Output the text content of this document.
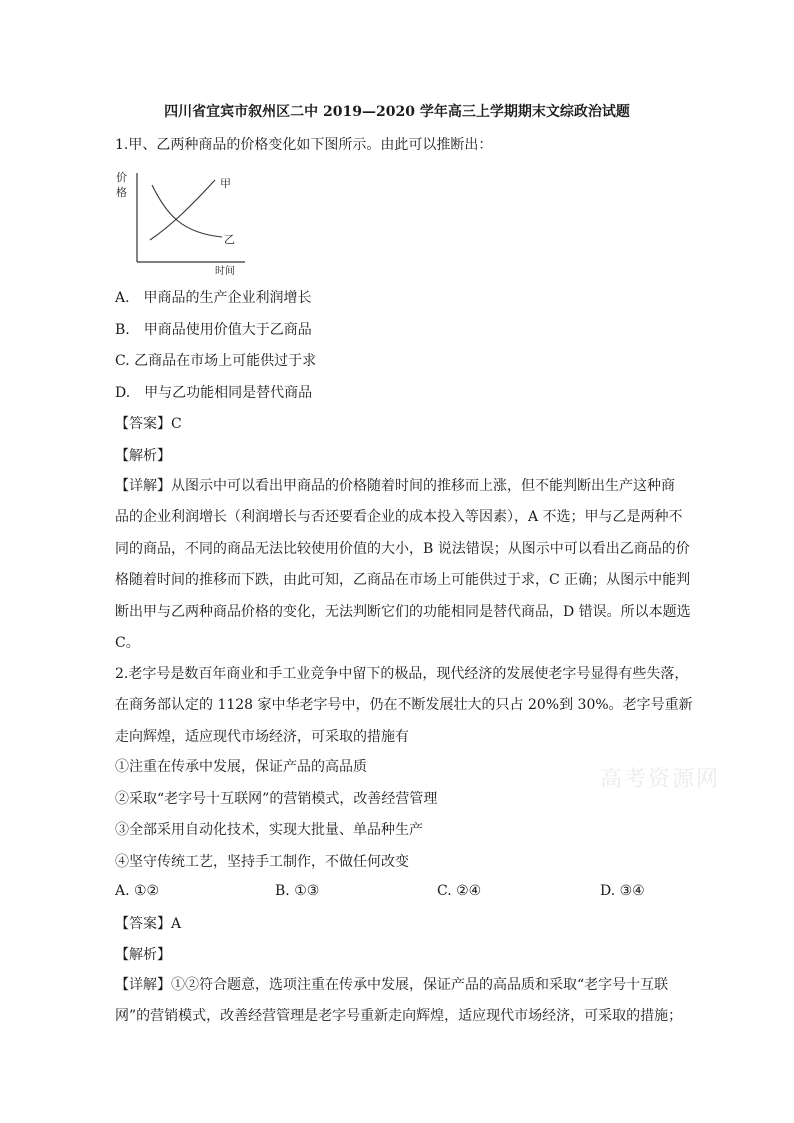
四川省宜宾市叙州区二中 2019—2020 学年高三上学期期末文综政治试题
1.甲、乙两种商品的价格变化如下图所示。由此可以推断出：
价
格
时间
甲
乙
A.　甲商品的生产企业利润增长
B.　甲商品使用价值大于乙商品
C. 乙商品在市场上可能供过于求
D.　甲与乙功能相同是替代商品
【答案】C
【解析】
【详解】从图示中可以看出甲商品的价格随着时间的推移而上涨，但不能判断出生产这种商
品的企业利润增长（利润增长与否还要看企业的成本投入等因素），A 不选；甲与乙是两种不
同的商品，不同的商品无法比较使用价值的大小，B 说法错误；从图示中可以看出乙商品的价
格随着时间的推移而下跌，由此可知，乙商品在市场上可能供过于求，C 正确；从图示中能判
断出甲与乙两种商品价格的变化，无法判断它们的功能相同是替代商品，D 错误。所以本题选
C。
2.老字号是数百年商业和手工业竞争中留下的极品，现代经济的发展使老字号显得有些失落，
在商务部认定的 1128 家中华老字号中，仍在不断发展壮大的只占 20%到 30%。老字号重新
走向辉煌，适应现代市场经济，可采取的措施有
①注重在传承中发展，保证产品的高品质
②采取“老字号十互联网”的营销模式，改善经营管理
③全部采用自动化技术，实现大批量、单品种生产
④坚守传统工艺，坚持手工制作，不做任何改变
A. ①②	B. ①③	C. ②④	D. ③④
【答案】A
【解析】
【详解】①②符合题意，选项注重在传承中发展，保证产品的高品质和采取“老字号十互联
网”的营销模式，改善经营管理是老字号重新走向辉煌，适应现代市场经济，可采取的措施；
高考资源网
